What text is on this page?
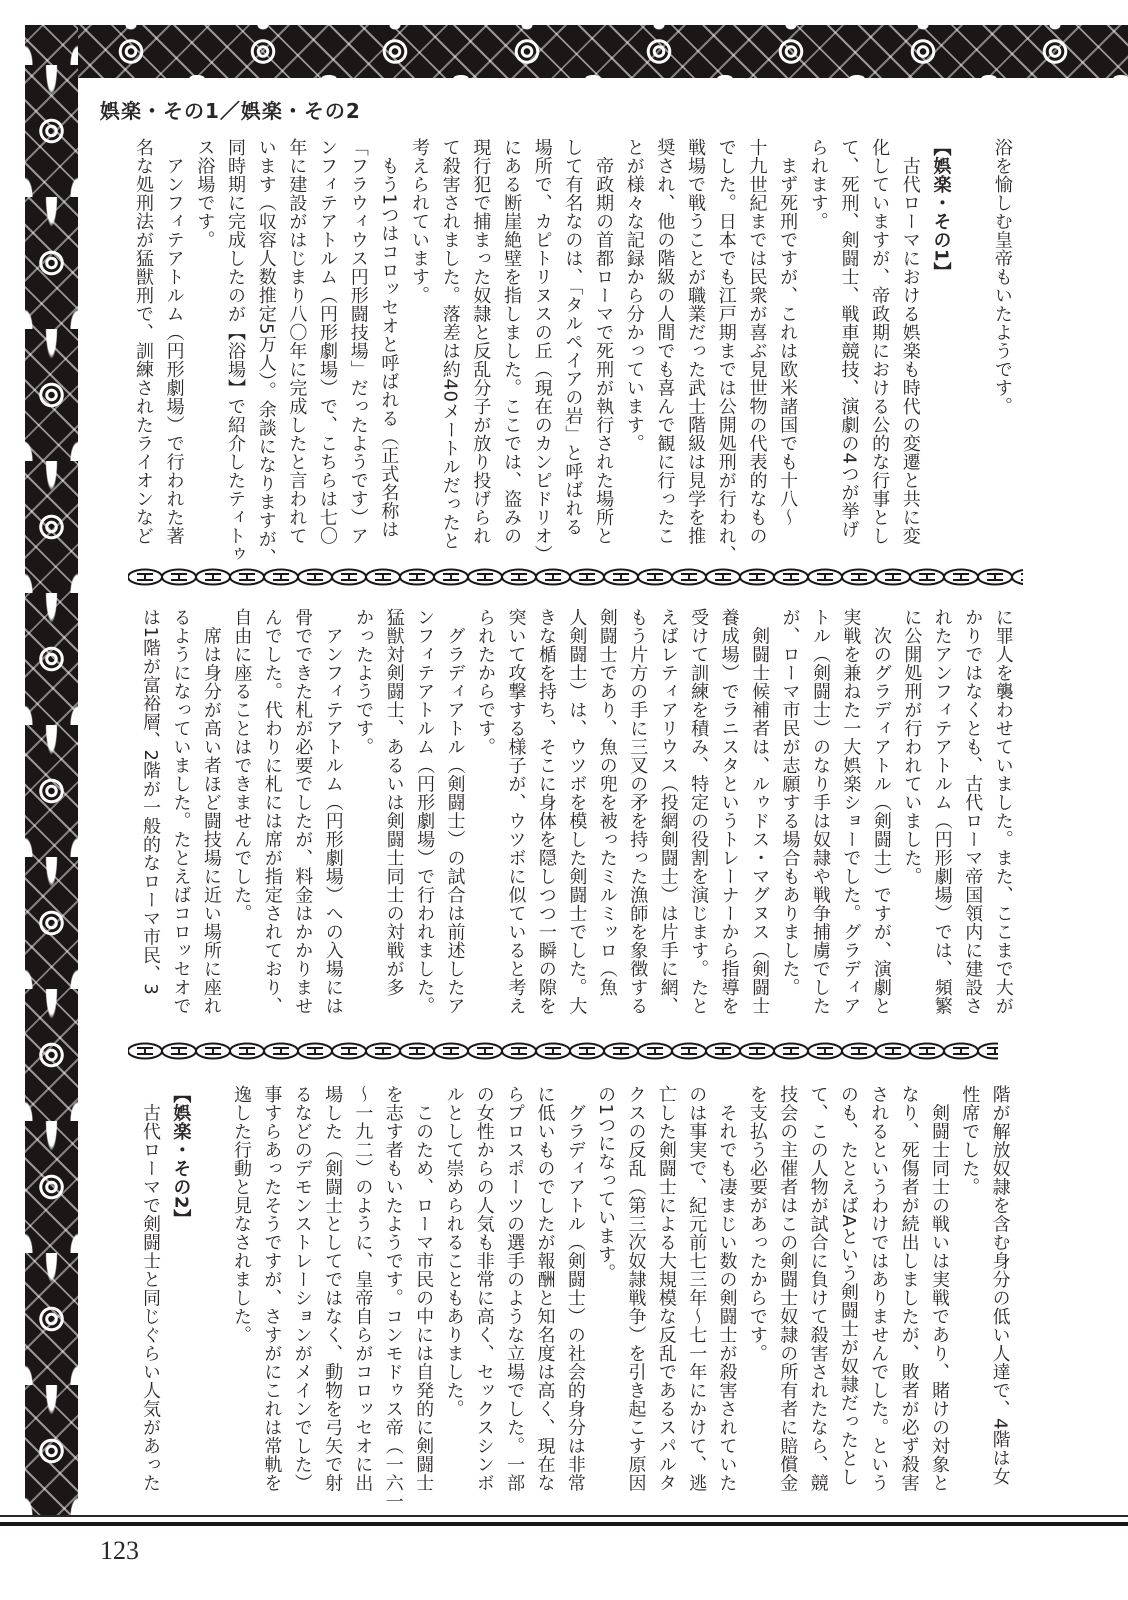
娯楽・その1／娯楽・その2
浴を愉しむ皇帝もいたようです。
【娯楽・その1】
　古代ローマにおける娯楽も時代の変遷と共に変
化していますが、帝政期における公的な行事とし
て、死刑、剣闘士、戦車競技、演劇の4つが挙げ
られます。
　まず死刑ですが、これは欧米諸国でも十八～
十九世紀までは民衆が喜ぶ見世物の代表的なもの
でした。日本でも江戸期までは公開処刑が行われ、
戦場で戦うことが職業だった武士階級は見学を推
奨され、他の階級の人間でも喜んで観に行ったこ
とが様々な記録から分かっています。
　帝政期の首都ローマで死刑が執行された場所と
して有名なのは、「タルペイアの岩」と呼ばれる
場所で、カピトリヌスの丘（現在のカンピドリオ）
にある断崖絶壁を指しました。ここでは、盗みの
現行犯で捕まった奴隷と反乱分子が放り投げられ
て殺害されました。落差は約40メートルだったと
考えられています。
　もう1つはコロッセオと呼ばれる（正式名称は
「フラウィウス円形闘技場」だったようです）ア
ンフィテアトルム（円形劇場）で、こちらは七〇
年に建設がはじまり八〇年に完成したと言われて
います（収容人数推定5万人）。余談になりますが、
同時期に完成したのが【浴場】で紹介したティトゥ
ス浴場です。
　アンフィテアトルム（円形劇場）で行われた著
名な処刑法が猛獣刑で、訓練されたライオンなど
に罪人を襲わせていました。また、ここまで大が
かりではなくとも、古代ローマ帝国領内に建設さ
れたアンフィテアトルム（円形劇場）では、頻繁
に公開処刑が行われていました。
　次のグラディアトル（剣闘士）ですが、演劇と
実戦を兼ねた一大娯楽ショーでした。グラディア
トル（剣闘士）のなり手は奴隷や戦争捕虜でした
が、ローマ市民が志願する場合もありました。
　剣闘士候補者は、ルゥドス・マグヌス（剣闘士
養成場）でラニスタというトレーナーから指導を
受けて訓練を積み、特定の役割を演じます。たと
えばレティアリウス（投網剣闘士）は片手に網、
もう片方の手に三叉の矛を持った漁師を象徴する
剣闘士であり、魚の兜を被ったミルミッロ（魚
人剣闘士）は、ウツボを模した剣闘士でした。大
きな楯を持ち、そこに身体を隠しつつ一瞬の隙を
突いて攻撃する様子が、ウツボに似ていると考え
られたからです。
　グラディアトル（剣闘士）の試合は前述したア
ンフィテアトルム（円形劇場）で行われました。
猛獣対剣闘士、あるいは剣闘士同士の対戦が多
かったようです。
　アンフィテアトルム（円形劇場）への入場には
骨でできた札が必要でしたが、料金はかかりませ
んでした。代わりに札には席が指定されており、
自由に座ることはできませんでした。
　席は身分が高い者ほど闘技場に近い場所に座れ
るようになっていました。たとえばコロッセオで
は1階が富裕層、2階が一般的なローマ市民、3
階が解放奴隷を含む身分の低い人達で、4階は女
性席でした。
　剣闘士同士の戦いは実戦であり、賭けの対象と
なり、死傷者が続出しましたが、敗者が必ず殺害
されるというわけではありませんでした。という
のも、たとえばAという剣闘士が奴隷だったとし
て、この人物が試合に負けて殺害されたなら、競
技会の主催者はこの剣闘士奴隷の所有者に賠償金
を支払う必要があったからです。
　それでも凄まじい数の剣闘士が殺害されていた
のは事実で、紀元前七三年～七一年にかけて、逃
亡した剣闘士による大規模な反乱であるスパルタ
クスの反乱（第三次奴隷戦争）を引き起こす原因
の1つになっています。
　グラディアトル（剣闘士）の社会的身分は非常
に低いものでしたが報酬と知名度は高く、現在な
らプロスポーツの選手のような立場でした。一部
の女性からの人気も非常に高く、セックスシンボ
ルとして崇められることもありました。
　このため、ローマ市民の中には自発的に剣闘士
を志す者もいたようです。コンモドゥス帝（一六一
～一九二）のように、皇帝自らがコロッセオに出
場した（剣闘士としてではなく、動物を弓矢で射
るなどのデモンストレーションがメインでした）
事すらあったそうですが、さすがにこれは常軌を
逸した行動と見なされました。
【娯楽・その2】
　古代ローマで剣闘士と同じぐらい人気があった
123
